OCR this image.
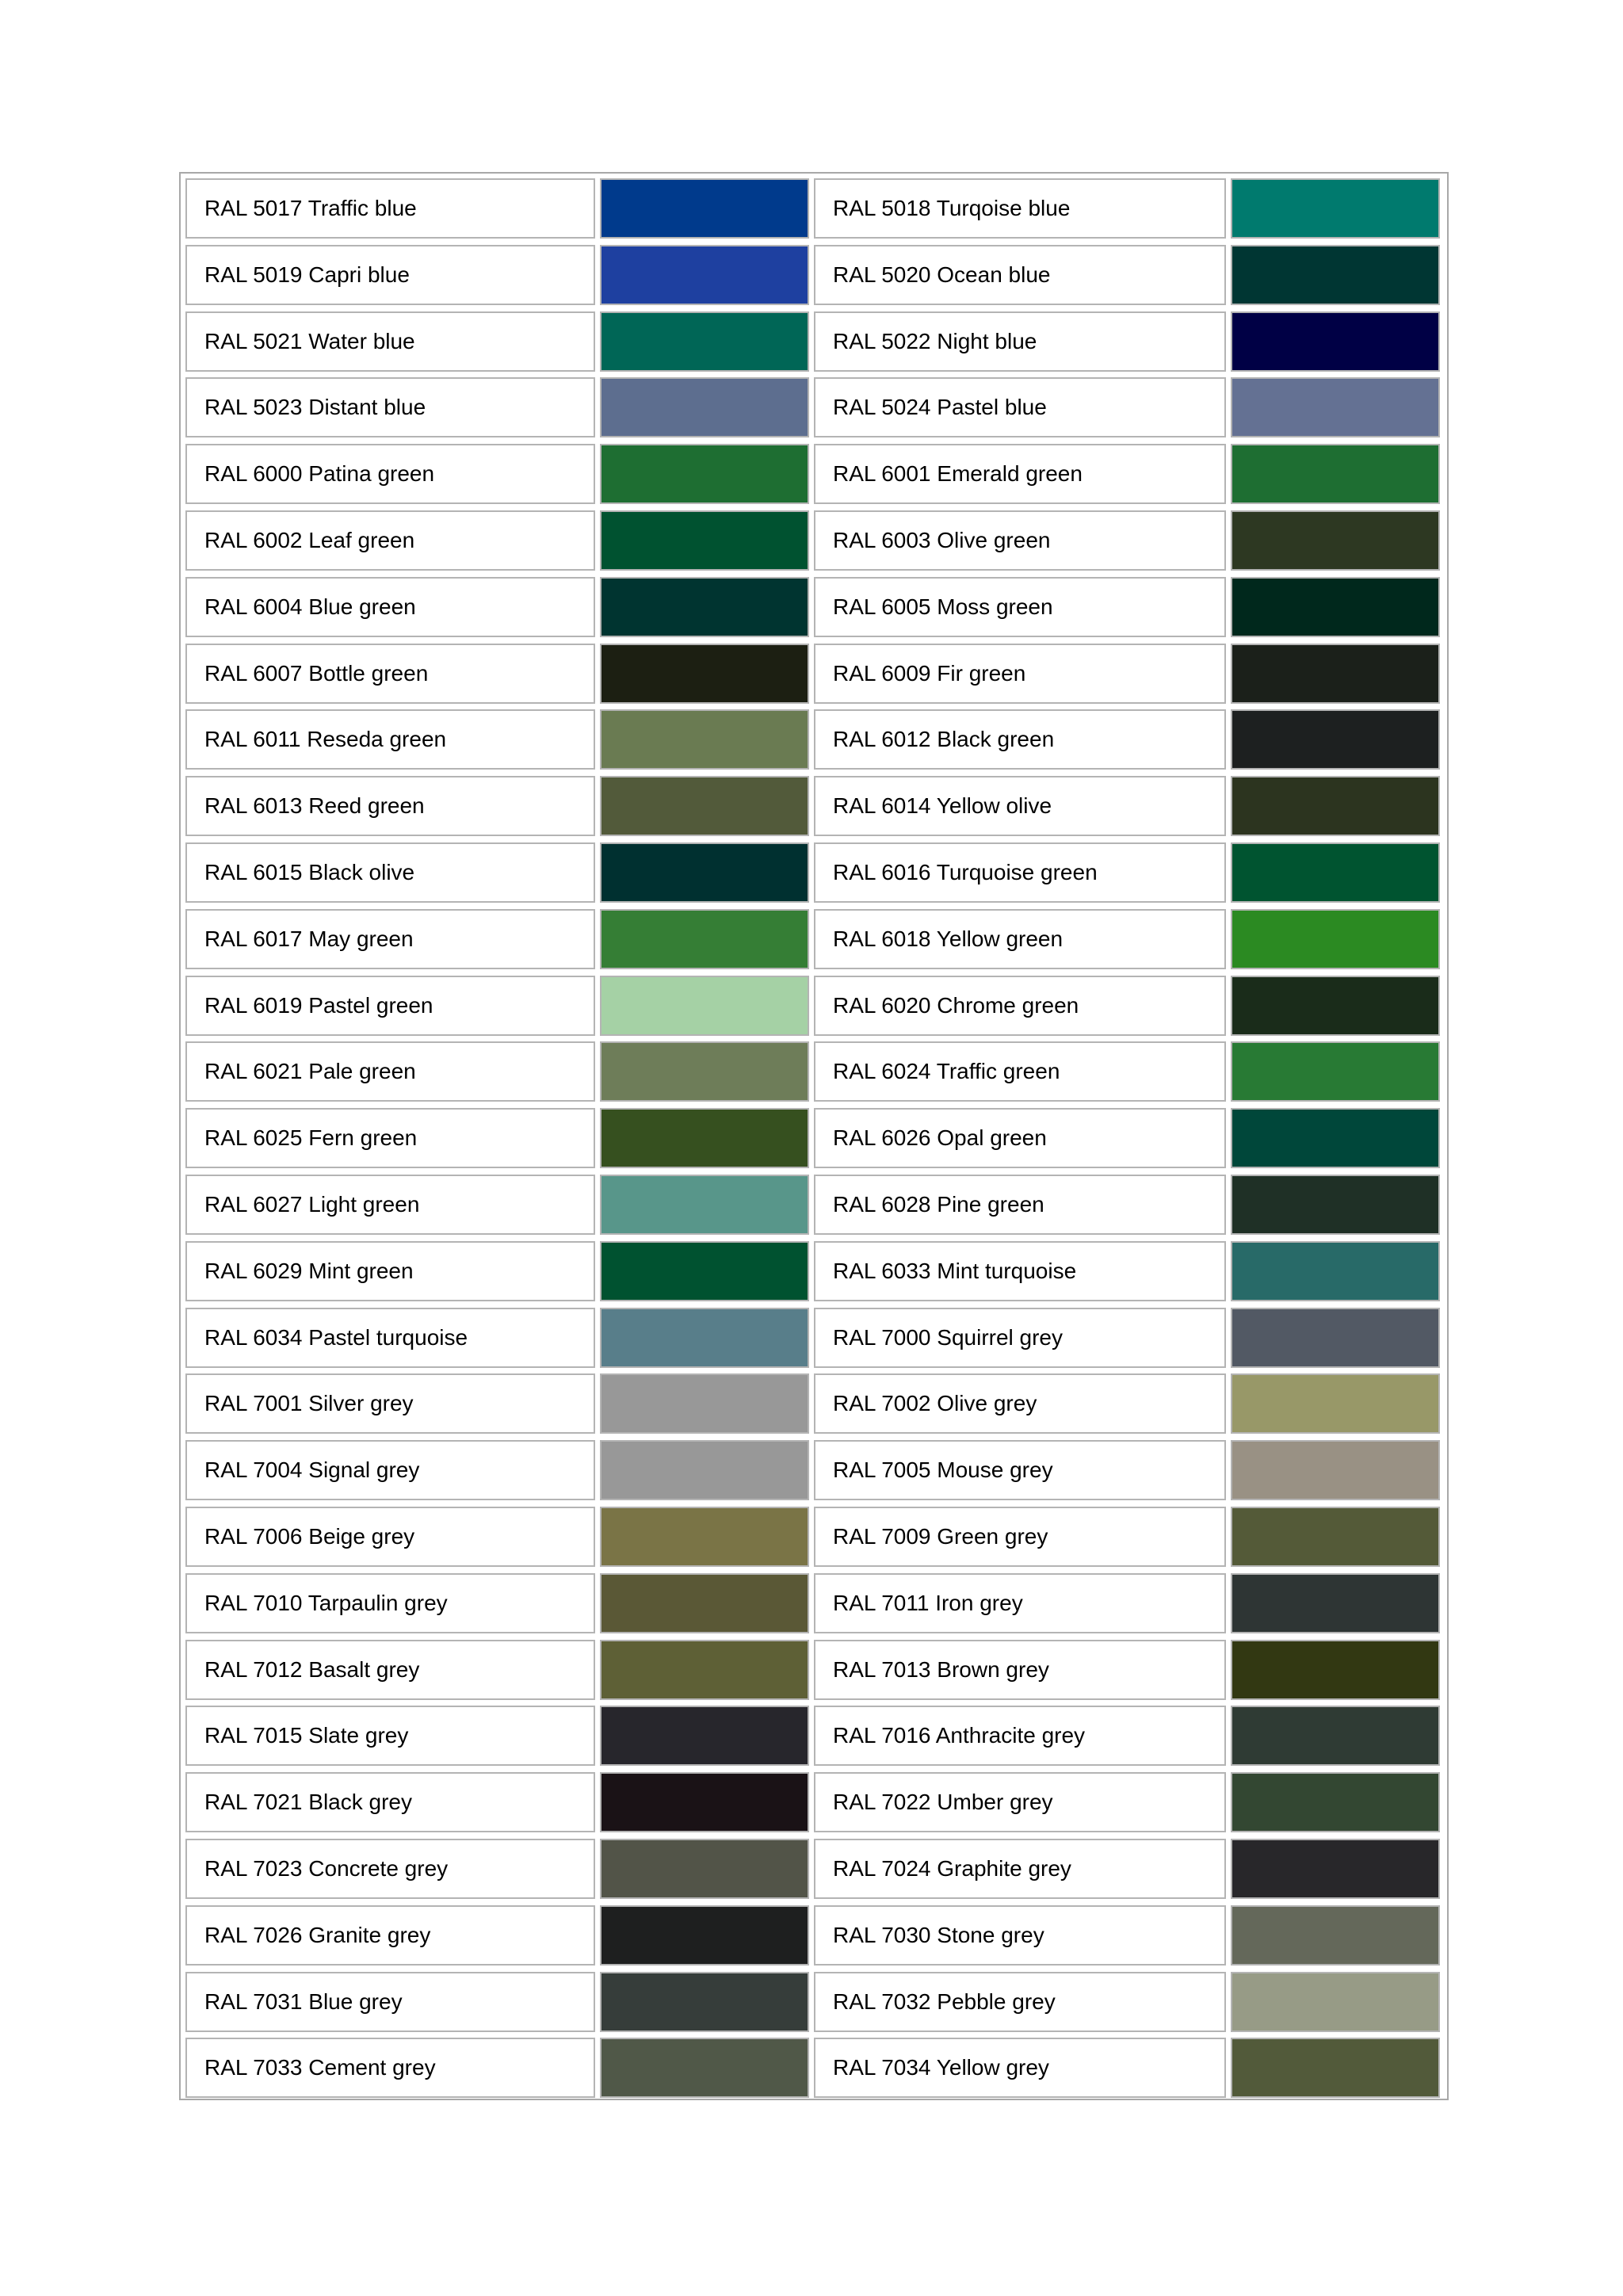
RAL 5017 Traffic blue	RAL 5018 Turqoise blue
RAL 5019 Capri blue	RAL 5020 Ocean blue
RAL 5021 Water blue	RAL 5022 Night blue
RAL 5023 Distant blue	RAL 5024 Pastel blue
RAL 6000 Patina green	RAL 6001 Emerald green
RAL 6002 Leaf green	RAL 6003 Olive green
RAL 6004 Blue green	RAL 6005 Moss green
RAL 6007 Bottle green	RAL 6009 Fir green
RAL 6011 Reseda green	RAL 6012 Black green
RAL 6013 Reed green	RAL 6014 Yellow olive
RAL 6015 Black olive	RAL 6016 Turquoise green
RAL 6017 May green	RAL 6018 Yellow green
RAL 6019 Pastel green	RAL 6020 Chrome green
RAL 6021 Pale green	RAL 6024 Traffic green
RAL 6025 Fern green	RAL 6026 Opal green
RAL 6027 Light green	RAL 6028 Pine green
RAL 6029 Mint green	RAL 6033 Mint turquoise
RAL 6034 Pastel turquoise	RAL 7000 Squirrel grey
RAL 7001 Silver grey	RAL 7002 Olive grey
RAL 7004 Signal grey	RAL 7005 Mouse grey
RAL 7006 Beige grey	RAL 7009 Green grey
RAL 7010 Tarpaulin grey	RAL 7011 Iron grey
RAL 7012 Basalt grey	RAL 7013 Brown grey
RAL 7015 Slate grey	RAL 7016 Anthracite grey
RAL 7021 Black grey	RAL 7022 Umber grey
RAL 7023 Concrete grey	RAL 7024 Graphite grey
RAL 7026 Granite grey	RAL 7030 Stone grey
RAL 7031 Blue grey	RAL 7032 Pebble grey
RAL 7033 Cement grey	RAL 7034 Yellow grey
